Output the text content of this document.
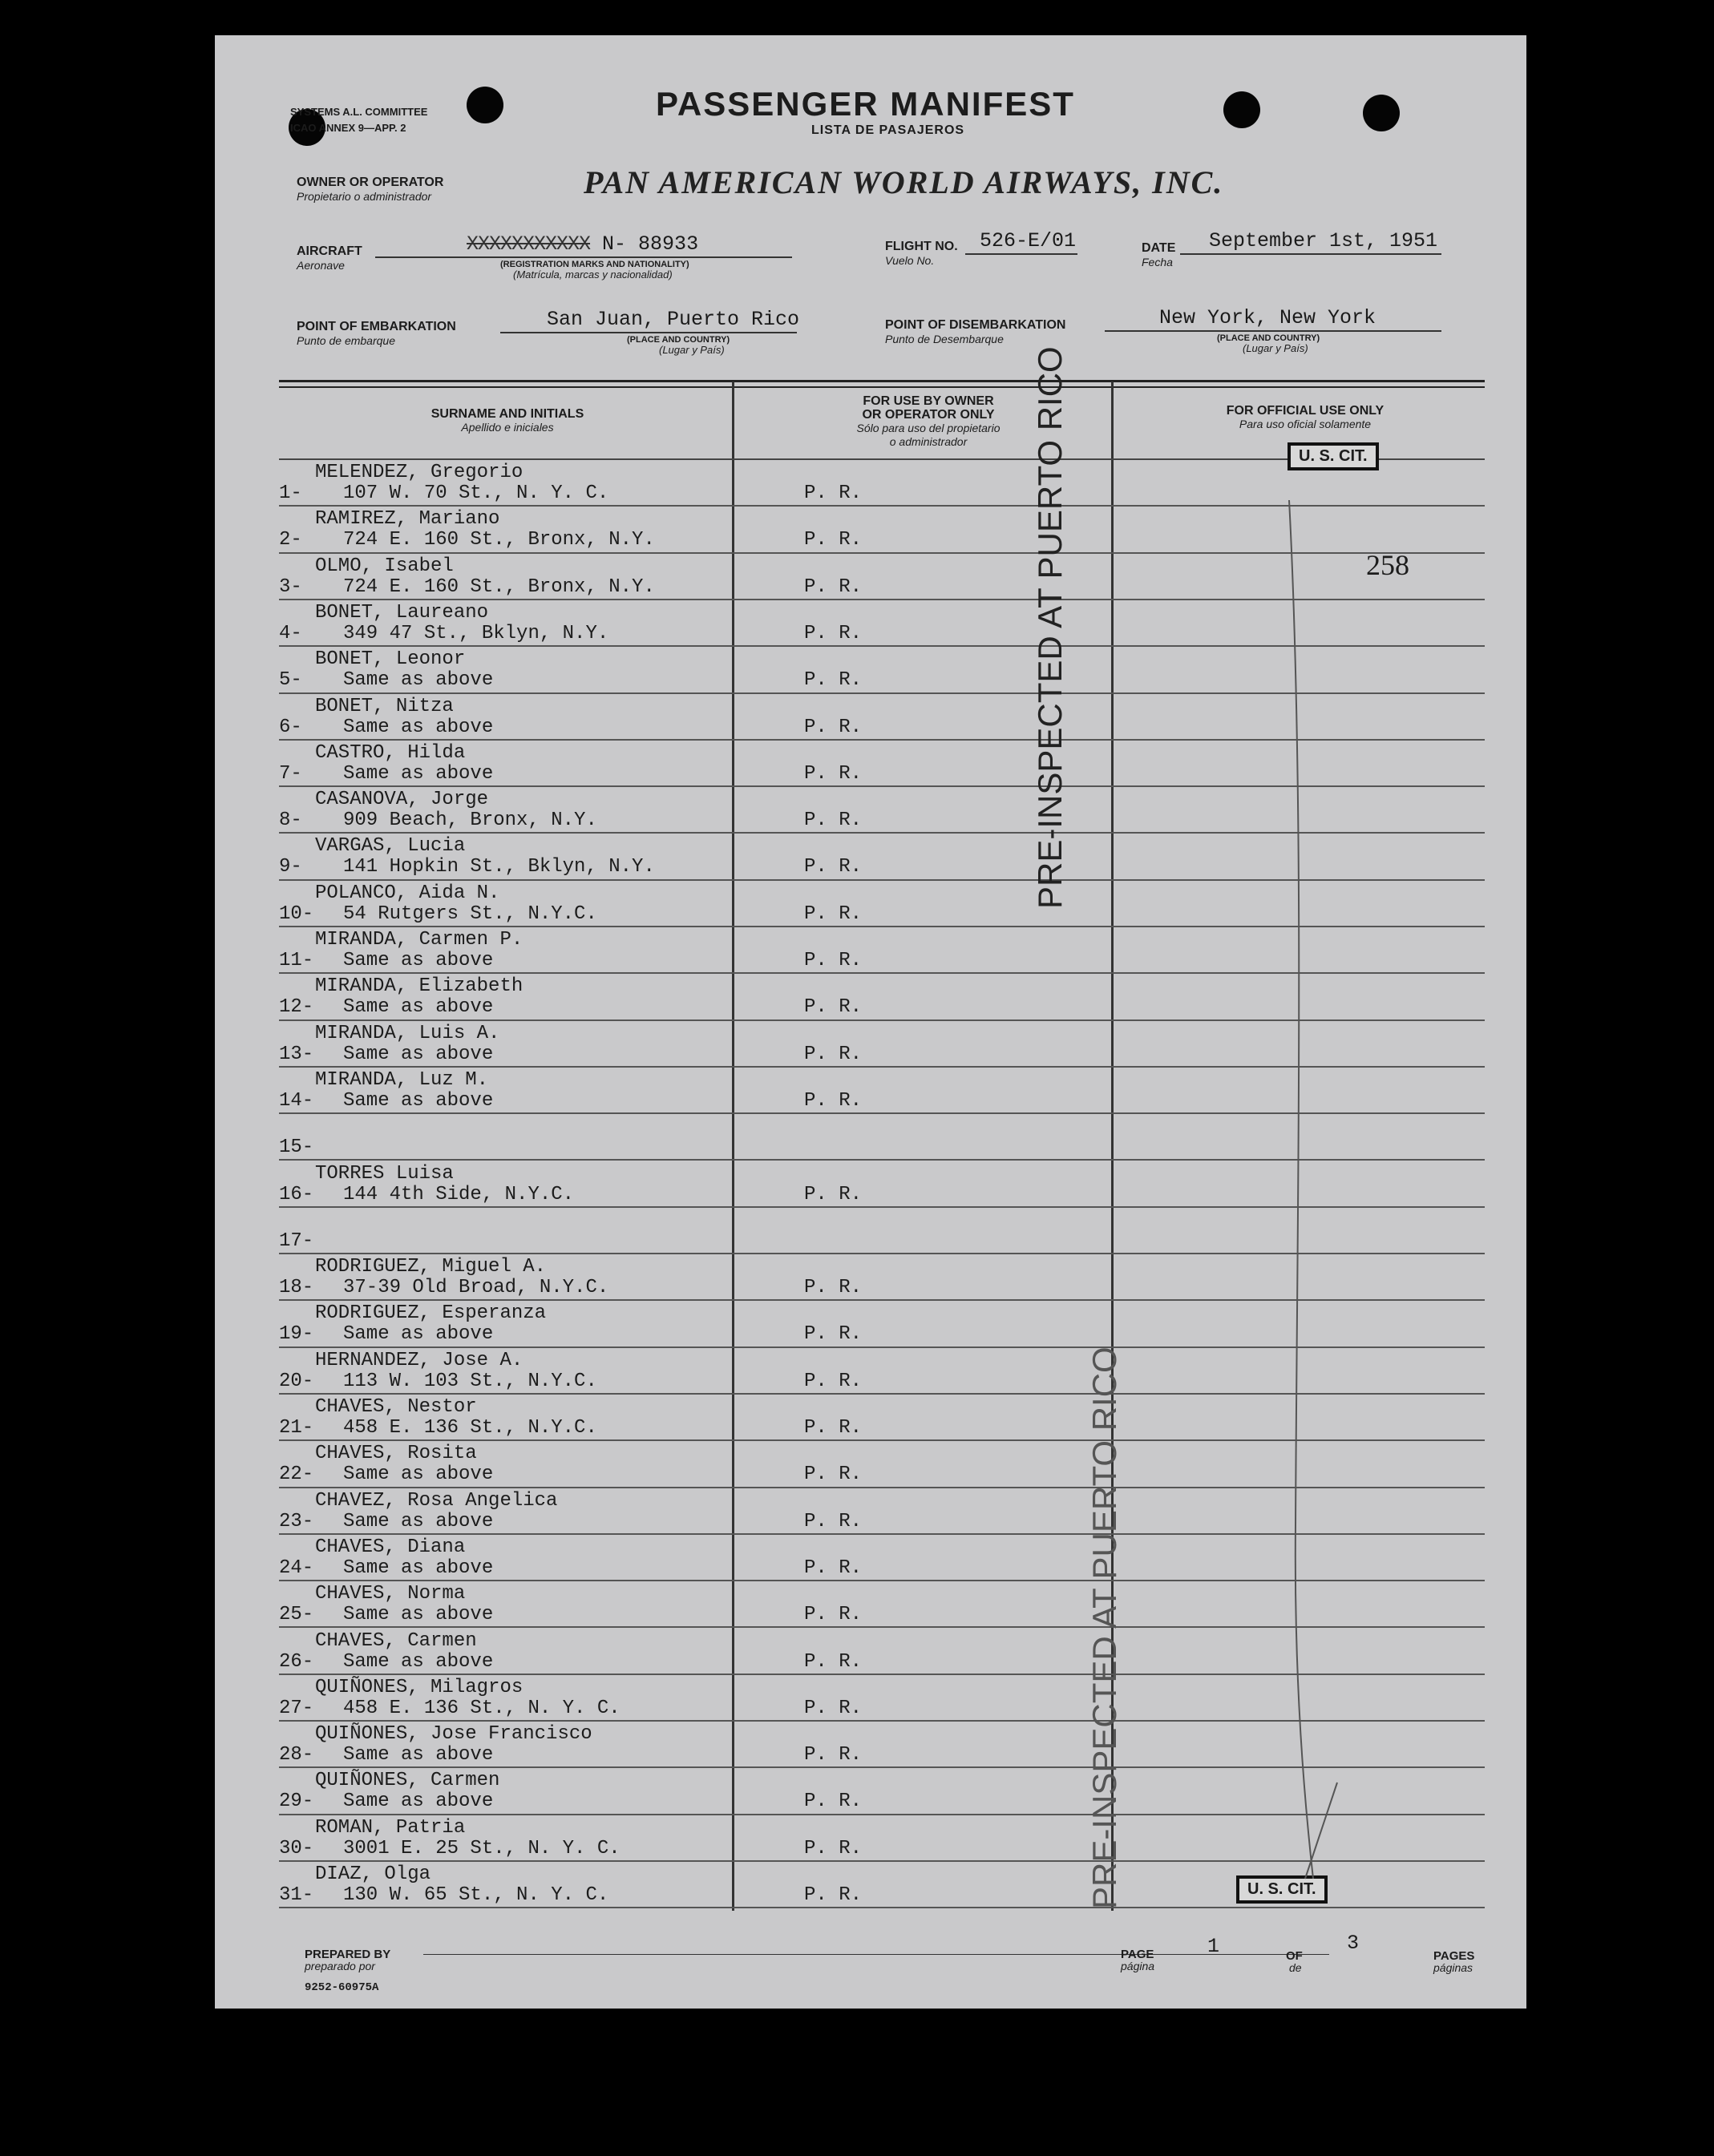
SYSTEMS A.L. COMMITTEE
ICAO ANNEX 9—APP. 2
PASSENGER MANIFEST
LISTA DE PASAJEROS
OWNER OR OPERATOR
Propietario o administrador	PAN AMERICAN WORLD AIRWAYS, INC.
AIRCRAFT
Aeronave
XXXXXXXXXXX N- 88933
(REGISTRATION MARKS AND NATIONALITY)
(Matrícula, marcas y nacionalidad)
FLIGHT NO.
Vuelo No.
526-E/01	DATE
Fecha
September 1st, 1951
POINT OF EMBARKATION
Punto de embarque
San Juan, Puerto Rico
(PLACE AND COUNTRY)
(Lugar y País)
POINT OF DISEMBARKATION
Punto de Desembarque
New York, New York
(PLACE AND COUNTRY)
(Lugar y País)
SURNAME AND INITIALS
Apellido e iniciales
FOR USE BY OWNER
OR OPERATOR ONLY
Sólo para uso del propietario
o administrador
FOR OFFICIAL USE ONLY
Para uso oficial solamente
MELENDEZ, Gregorio
1- 107 W. 70 St., N. Y. C.	P. R.
RAMIREZ, Mariano
2- 724 E. 160 St., Bronx, N.Y.	P. R.
OLMO, Isabel
3- 724 E. 160 St., Bronx, N.Y.	P. R.
BONET, Laureano
4- 349 47 St., Bklyn, N.Y.	P. R.
BONET, Leonor
5- Same as above	P. R.
BONET, Nitza
6- Same as above	P. R.
CASTRO, Hilda
7- Same as above	P. R.
CASANOVA, Jorge
8- 909 Beach, Bronx, N.Y.	P. R.
VARGAS, Lucia
9- 141 Hopkin St., Bklyn, N.Y.	P. R.
POLANCO, Aida N.
10- 54 Rutgers St., N.Y.C.	P. R.
MIRANDA, Carmen P.
11- Same as above	P. R.
MIRANDA, Elizabeth
12- Same as above	P. R.
MIRANDA, Luis A.
13- Same as above	P. R.
MIRANDA, Luz M.
14- Same as above	P. R.
15-
TORRES Luisa
16- 144 4th Side, N.Y.C.	P. R.
17-
RODRIGUEZ, Miguel A.
18- 37-39 Old Broad, N.Y.C.	P. R.
RODRIGUEZ, Esperanza
19- Same as above	P. R.
HERNANDEZ, Jose A.
20- 113 W. 103 St., N.Y.C.	P. R.
CHAVES, Nestor
21- 458 E. 136 St., N.Y.C.	P. R.
CHAVES, Rosita
22- Same as above	P. R.
CHAVEZ, Rosa Angelica
23- Same as above	P. R.
CHAVES, Diana
24- Same as above	P. R.
CHAVES, Norma
25- Same as above	P. R.
CHAVES, Carmen
26- Same as above	P. R.
QUIÑONES, Milagros
27- 458 E. 136 St., N. Y. C.	P. R.
QUIÑONES, Jose Francisco
28- Same as above	P. R.
QUIÑONES, Carmen
29- Same as above	P. R.
ROMAN, Patria
30- 3001 E. 25 St., N. Y. C.	P. R.
DIAZ, Olga
31- 130 W. 65 St., N. Y. C.	P. R.
U. S. CIT.
258
U. S. CIT.
PRE-INSPECTED AT PUERTO RICO
PRE-INSPECTED AT PUERTO RICO
PREPARED BY
preparado por
9252-60975A
PAGE
página
1	OF
de
3
PAGES
páginas
